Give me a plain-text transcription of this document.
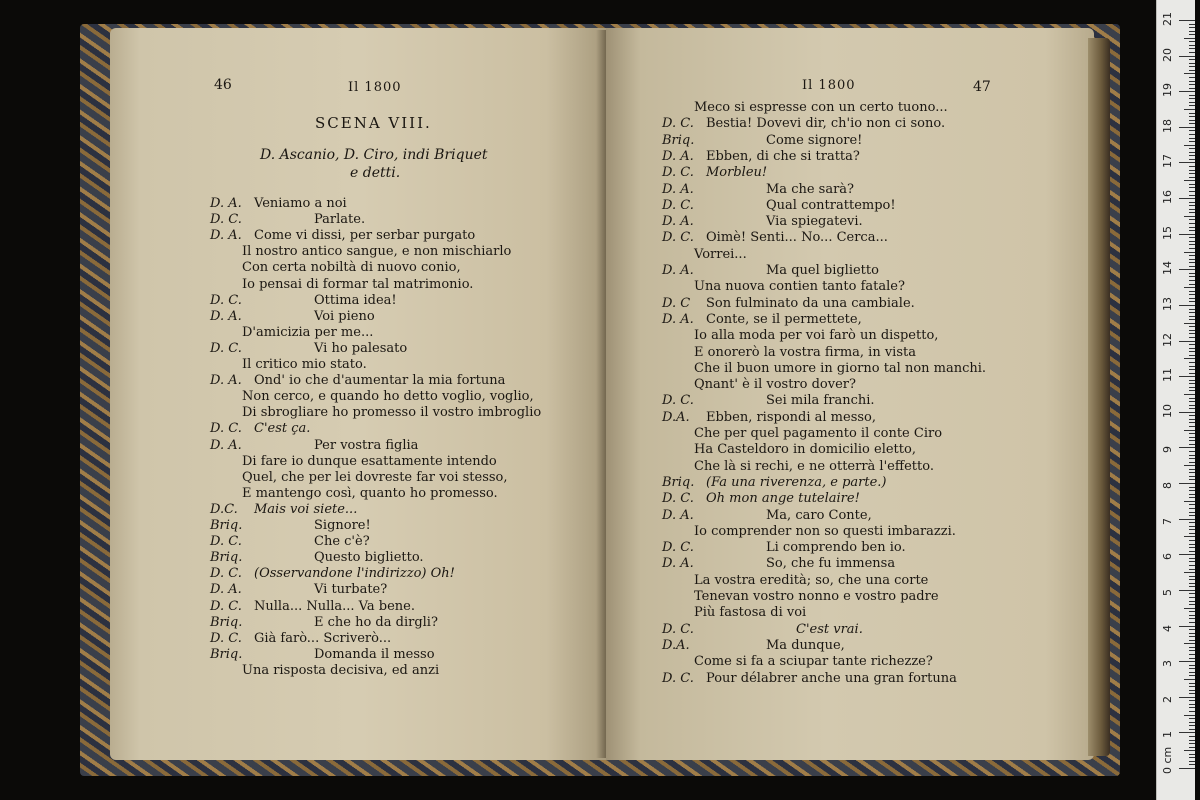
46	Il 1800
SCENA VIII.
D. Ascanio, D. Ciro, indi Briquet
e detti.
D. A. Veniamo a noi
D. C.	Parlate.
D. A. Come vi dissi, per serbar purgato
Il nostro antico sangue, e non mischiarlo
Con certa nobiltà di nuovo conio,
Io pensai di formar tal matrimonio.
D. C.	Ottima idea!
D. A.	Voi pieno
D'amicizia per me...
D. C.	Vi ho palesato
Il critico mio stato.
D. A. Ond' io che d'aumentar la mia fortuna
Non cerco, e quando ho detto voglio, voglio,
Di sbrogliare ho promesso il vostro imbroglio
D. C. C'est ça.
D. A.	Per vostra figlia
Di fare io dunque esattamente intendo
Quel, che per lei dovreste far voi stesso,
E mantengo così, quanto ho promesso.
D.C. Mais voi siete...
Briq.	Signore!
D. C.	Che c'è?
Briq.	Questo biglietto.
D. C. (Osservandone l'indirizzo) Oh!
D. A.	Vi turbate?
D. C. Nulla... Nulla... Va bene.
Briq.	E che ho da dirgli?
D. C. Già farò... Scriverò...
Briq.	Domanda il messo
Una risposta decisiva, ed anzi
Il 1800	47
Meco si espresse con un certo tuono...
D. C. Bestia! Dovevi dir, ch'io non ci sono.
Briq.	Come signore!
D. A. Ebben, di che si tratta?
D. C. Morbleu!
D. A.	Ma che sarà?
D. C.	Qual contrattempo!
D. A.	Via spiegatevi.
D. C. Oimè! Senti... No... Cerca...
Vorrei...
D. A.	Ma quel biglietto
Una nuova contien tanto fatale?
D. C Son fulminato da una cambiale.
D. A. Conte, se il permettete,
Io alla moda per voi farò un dispetto,
E onorerò la vostra firma, in vista
Che il buon umore in giorno tal non manchi.
Qnant' è il vostro dover?
D. C.	Sei mila franchi.
D.A. Ebben, rispondi al messo,
Che per quel pagamento il conte Ciro
Ha Casteldoro in domicilio eletto,
Che là si rechi, e ne otterrà l'effetto.
Briq. (Fa una riverenza, e parte.)
D. C. Oh mon ange tutelaire!
D. A.	Ma, caro Conte,
Io comprender non so questi imbarazzi.
D. C.	Li comprendo ben io.
D. A.	So, che fu immensa
La vostra eredità; so, che una corte
Tenevan vostro nonno e vostro padre
Più fastosa di voi
D. C.	C'est vrai.
D.A.	Ma dunque,
Come si fa a sciupar tante richezze?
D. C. Pour délabrer anche una gran fortuna
0 cm
1
2
3
4
5
6
7
8
9
10
11
12
13
14
15
16
17
18
19
20
21
